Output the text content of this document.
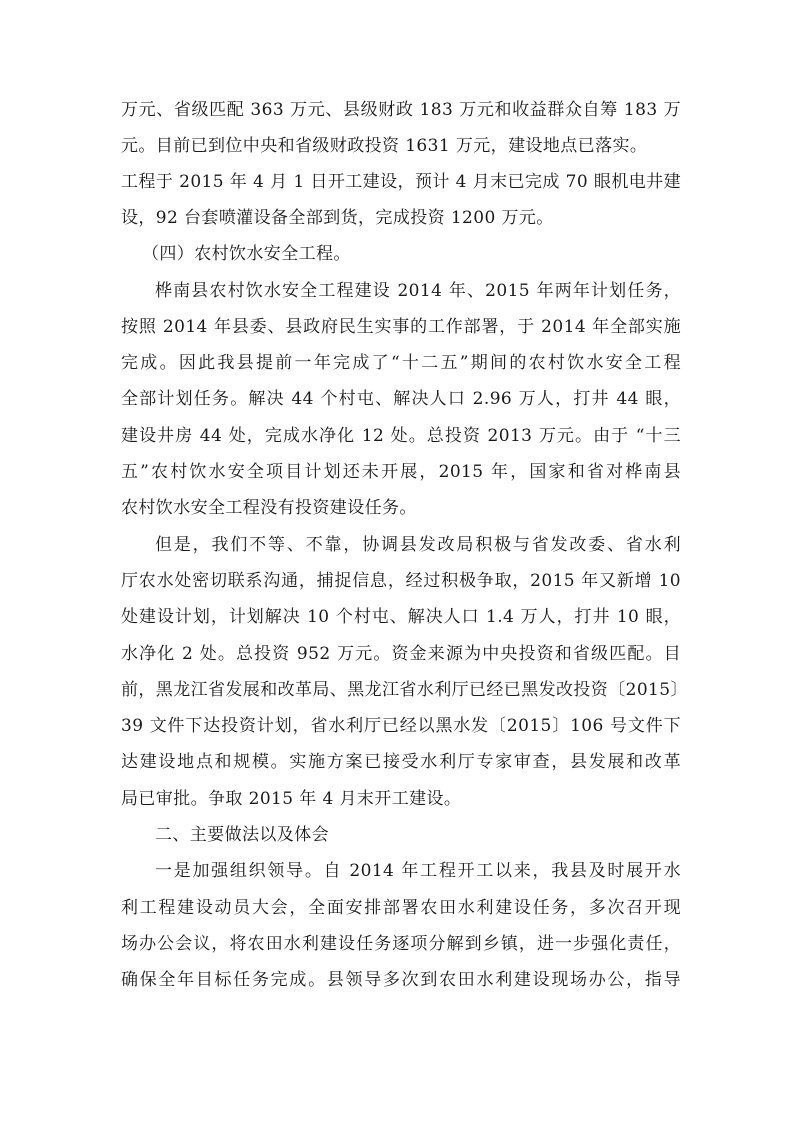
万元、省级匹配 363 万元、县级财政 183 万元和收益群众自筹 183 万
元。目前已到位中央和省级财政投资 1631 万元，建设地点已落实。
工程于 2015 年 4 月 1 日开工建设，预计 4 月末已完成 70 眼机电井建
设，92 台套喷灌设备全部到货，完成投资 1200 万元。
（四）农村饮水安全工程。
桦南县农村饮水安全工程建设 2014 年、2015 年两年计划任务，
按照 2014 年县委、县政府民生实事的工作部署，于 2014 年全部实施
完成。因此我县提前一年完成了“十二五”期间的农村饮水安全工程
全部计划任务。解决 44 个村屯、解决人口 2.96 万人，打井 44 眼，
建设井房 44 处，完成水净化 12 处。总投资 2013 万元。由于 “十三
五”农村饮水安全项目计划还未开展，2015 年，国家和省对桦南县
农村饮水安全工程没有投资建设任务。
但是，我们不等、不靠，协调县发改局积极与省发改委、省水利
厅农水处密切联系沟通，捕捉信息，经过积极争取，2015 年又新增 10
处建设计划，计划解决 10 个村屯、解决人口 1.4 万人，打井 10 眼，
水净化 2 处。总投资 952 万元。资金来源为中央投资和省级匹配。目
前，黑龙江省发展和改革局、黑龙江省水利厅已经已黑发改投资〔2015〕
39 文件下达投资计划，省水利厅已经以黑水发〔2015〕106 号文件下
达建设地点和规模。实施方案已接受水利厅专家审查，县发展和改革
局已审批。争取 2015 年 4 月末开工建设。
二、主要做法以及体会
一是加强组织领导。自 2014 年工程开工以来，我县及时展开水
利工程建设动员大会，全面安排部署农田水利建设任务，多次召开现
场办公会议，将农田水利建设任务逐项分解到乡镇，进一步强化责任，
确保全年目标任务完成。县领导多次到农田水利建设现场办公，指导
